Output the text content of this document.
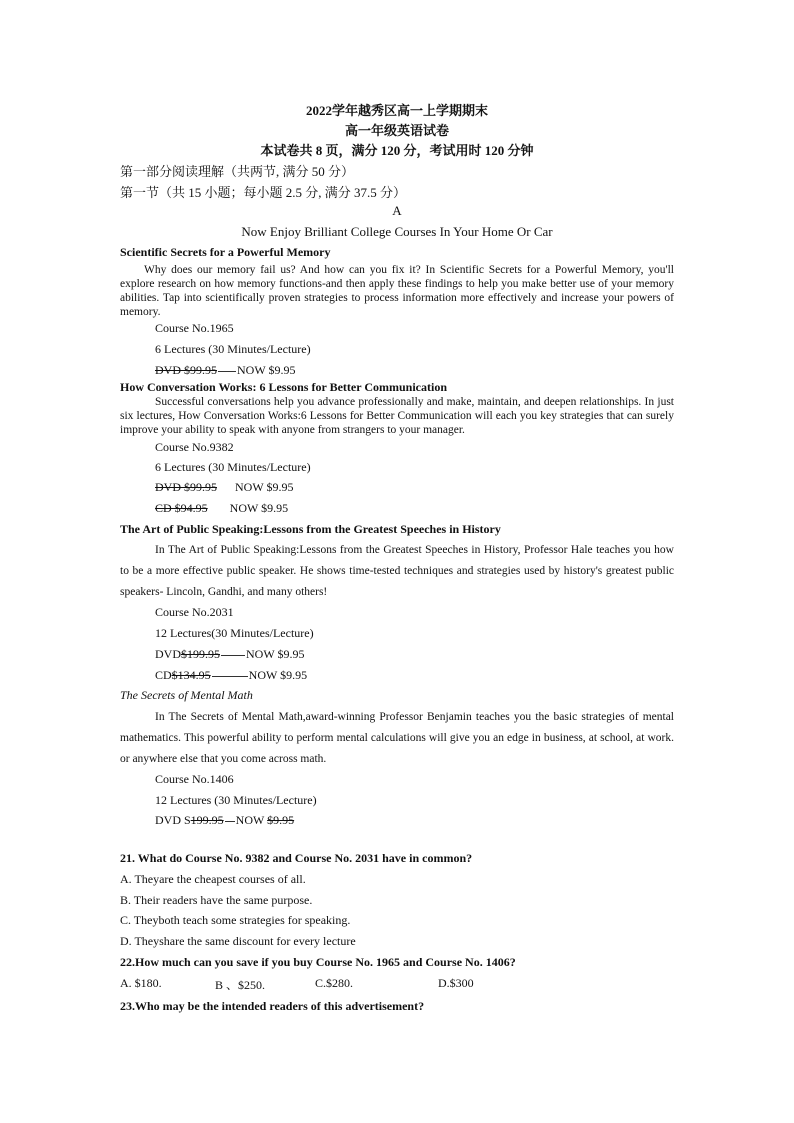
2022学年越秀区高一上学期期末
高一年级英语试卷
本试卷共 8 页，满分 120 分，考试用时 120 分钟
第一部分阅读理解（共两节, 满分 50 分）
第一节（共 15 小题；每小题 2.5 分, 满分 37.5 分）
A
Now Enjoy Brilliant College Courses In Your Home Or Car
Scientific Secrets for a Powerful Memory
Why does our memory fail us? And how can you fix it? In Scientific Secrets for a Powerful Memory, you'll explore research on how memory functions-and then apply these findings to help you make better use of your memory abilities. Tap into scientifically proven strategies to process information more effectively and increase your powers of memory.
Course No.1965
6 Lectures (30 Minutes/Lecture)
DVD $99.95 NOW $9.95
How Conversation Works: 6 Lessons for Better Communication
Successful conversations help you advance professionally and make, maintain, and deepen relationships. In just six lectures, How Conversation Works:6 Lessons for Better Communication will each you key strategies that can surely improve your ability to speak with anyone from strangers to your manager.
Course No.9382
6 Lectures (30 Minutes/Lecture)
DVD $99.95 NOW $9.95
CD $94.95 NOW $9.95
The Art of Public Speaking:Lessons from the Greatest Speeches in History
In The Art of Public Speaking:Lessons from the Greatest Speeches in History, Professor Hale teaches you how to be a more effective public speaker. He shows time-tested techniques and strategies used by history's greatest public speakers- Lincoln, Gandhi, and many others!
Course No.2031
12 Lectures(30 Minutes/Lecture)
DVD$199.95 NOW $9.95
CD$134.95	NOW $9.95
The Secrets of Mental Math
In The Secrets of Mental Math,award-winning Professor Benjamin teaches you the basic strategies of mental mathematics. This powerful ability to perform mental calculations will give you an edge in business, at school, at work. or anywhere else that you come across math.
Course No.1406
12 Lectures (30 Minutes/Lecture)
DVD S199.95 NOW $9.95
21. What do Course No. 9382 and Course No. 2031 have in common?
A. Theyare the cheapest courses of all.
B. Their readers have the same purpose.
C. Theyboth teach some strategies for speaking.
D. Theyshare the same discount for every lecture
22.How much can you save if you buy Course No. 1965 and Course No. 1406?
A. $180.	B 、$250.	C.$280.	D.$300
23.Who may be the intended readers of this advertisement?
